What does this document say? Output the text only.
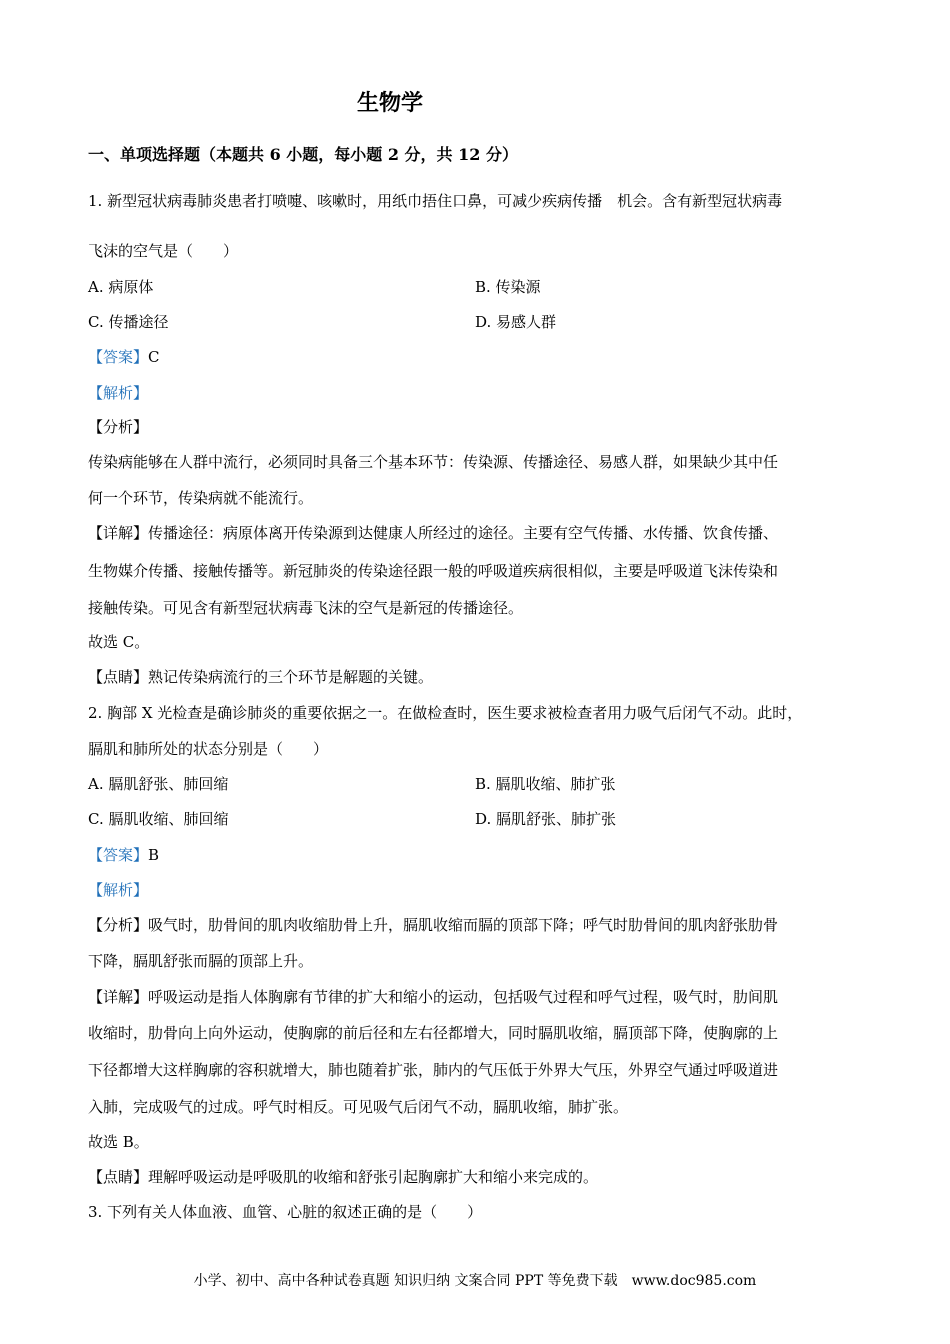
生物学
一、单项选择题（本题共 6 小题，每小题 2 分，共 12 分）
1. 新型冠状病毒肺炎患者打喷嚏、咳嗽时，用纸巾捂住口鼻，可减少疾病传播　机会。含有新型冠状病毒
飞沫的空气是（　　）
A. 病原体	B. 传染源
C. 传播途径	D. 易感人群
【答案】C
【解析】
【分析】
传染病能够在人群中流行，必须同时具备三个基本环节：传染源、传播途径、易感人群，如果缺少其中任
何一个环节，传染病就不能流行。
【详解】传播途径：病原体离开传染源到达健康人所经过的途径。主要有空气传播、水传播、饮食传播、
生物媒介传播、接触传播等。新冠肺炎的传染途径跟一般的呼吸道疾病很相似，主要是呼吸道飞沫传染和
接触传染。可见含有新型冠状病毒飞沫的空气是新冠的传播途径。
故选 C。
【点睛】熟记传染病流行的三个环节是解题的关键。
2. 胸部 X 光检查是确诊肺炎的重要依据之一。在做检查时，医生要求被检查者用力吸气后闭气不动。此时，
膈肌和肺所处的状态分别是（　　）
A. 膈肌舒张、肺回缩	B. 膈肌收缩、肺扩张
C. 膈肌收缩、肺回缩	D. 膈肌舒张、肺扩张
【答案】B
【解析】
【分析】吸气时，肋骨间的肌肉收缩肋骨上升，膈肌收缩而膈的顶部下降；呼气时肋骨间的肌肉舒张肋骨
下降，膈肌舒张而膈的顶部上升。
【详解】呼吸运动是指人体胸廓有节律的扩大和缩小的运动，包括吸气过程和呼气过程，吸气时，肋间肌
收缩时，肋骨向上向外运动，使胸廓的前后径和左右径都增大，同时膈肌收缩，膈顶部下降，使胸廓的上
下径都增大这样胸廓的容积就增大，肺也随着扩张，肺内的气压低于外界大气压，外界空气通过呼吸道进
入肺，完成吸气的过成。呼气时相反。可见吸气后闭气不动，膈肌收缩，肺扩张。
故选 B。
【点睛】理解呼吸运动是呼吸肌的收缩和舒张引起胸廓扩大和缩小来完成的。
3. 下列有关人体血液、血管、心脏的叙述正确的是（　　）
小学、初中、高中各种试卷真题 知识归纳 文案合同 PPT 等免费下载　www.doc985.com
